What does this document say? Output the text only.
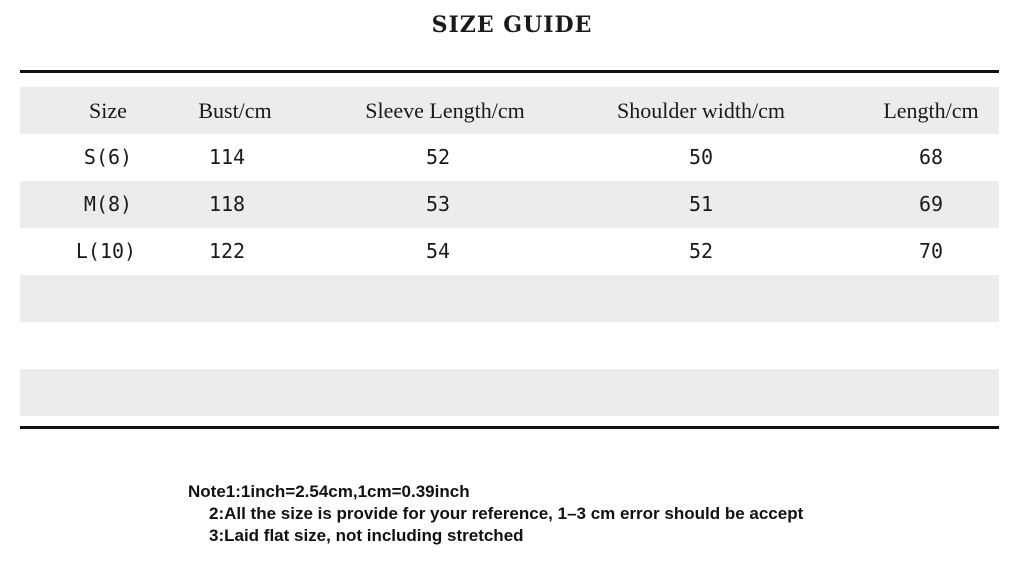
SIZE GUIDE
Size	Bust/cm	Sleeve Length/cm	Shoulder width/cm	Length/cm
S(6)	114	52	50	68
M(8)	118	53	51	69
L(10)	122	54	52	70
Note1:1inch=2.54cm,1cm=0.39inch
2:All the size is provide for your reference, 1–3 cm error should be accept
3:Laid flat size, not including stretched
